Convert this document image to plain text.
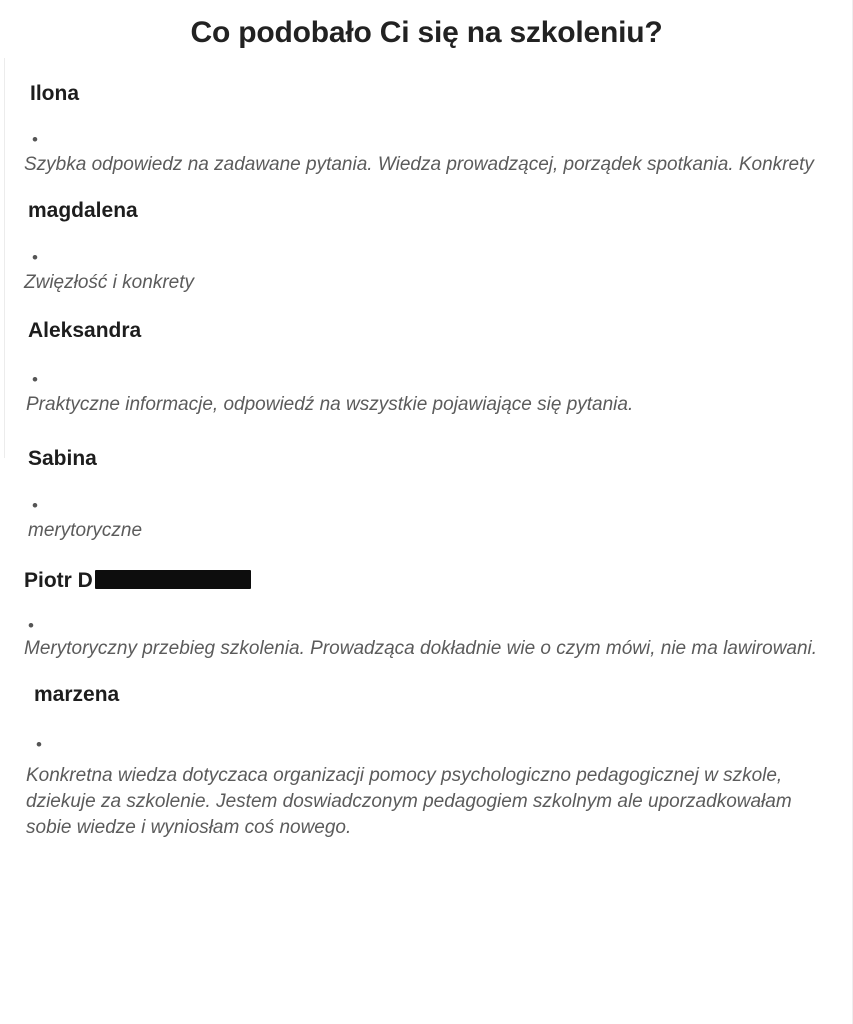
Co podobało Ci się na szkoleniu?
Ilona
•
Szybka odpowiedz na zadawane pytania. Wiedza prowadzącej, porządek spotkania. Konkrety
magdalena
•
Zwięzłość i konkrety
Aleksandra
•
Praktyczne informacje, odpowiedź na wszystkie pojawiające się pytania.
Sabina
•
merytoryczne
Piotr D
•
Merytoryczny przebieg szkolenia. Prowadząca dokładnie wie o czym mówi, nie ma lawirowani.
marzena
•
Konkretna wiedza dotyczaca organizacji pomocy psychologiczno pedagogicznej w szkole, dziekuje za szkolenie. Jestem doswiadczonym pedagogiem szkolnym ale uporzadkowałam sobie wiedze i wyniosłam coś nowego.
